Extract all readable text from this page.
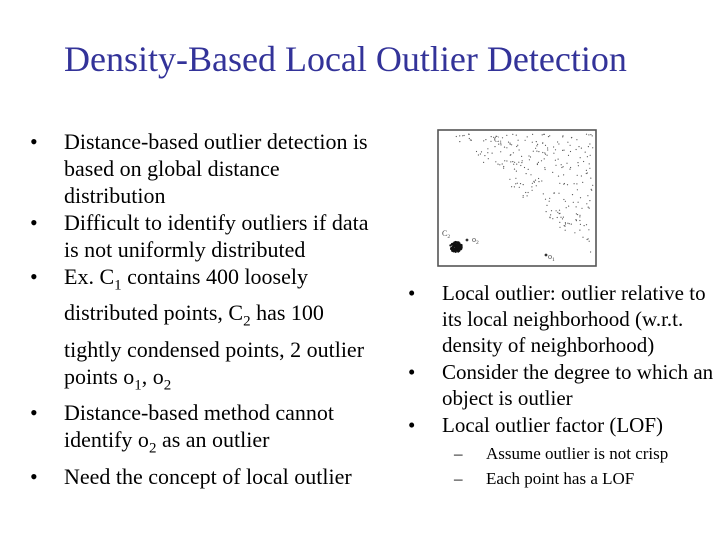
Density-Based Local Outlier Detection
• Distance-based outlier detection is based on global distance distribution
• Difficult to identify outliers if data is not uniformly distributed
• Ex. $C_1$ contains 400 loosely distributed points, $C_2$ has 100 tightly condensed points, 2 outlier points $o_1$, $o_2$
• Distance-based method cannot identify $o_2$ as an outlier
• Need the concept of local outlier
$C_1$
$C_2$	$o_2$
$o_1$
• Local outlier: outlier relative to its local neighborhood (w.r.t. density of neighborhood)
• Consider the degree to which an object is outlier
• Local outlier factor (LOF)
– Assume outlier is not crisp
– Each point has a LOF
